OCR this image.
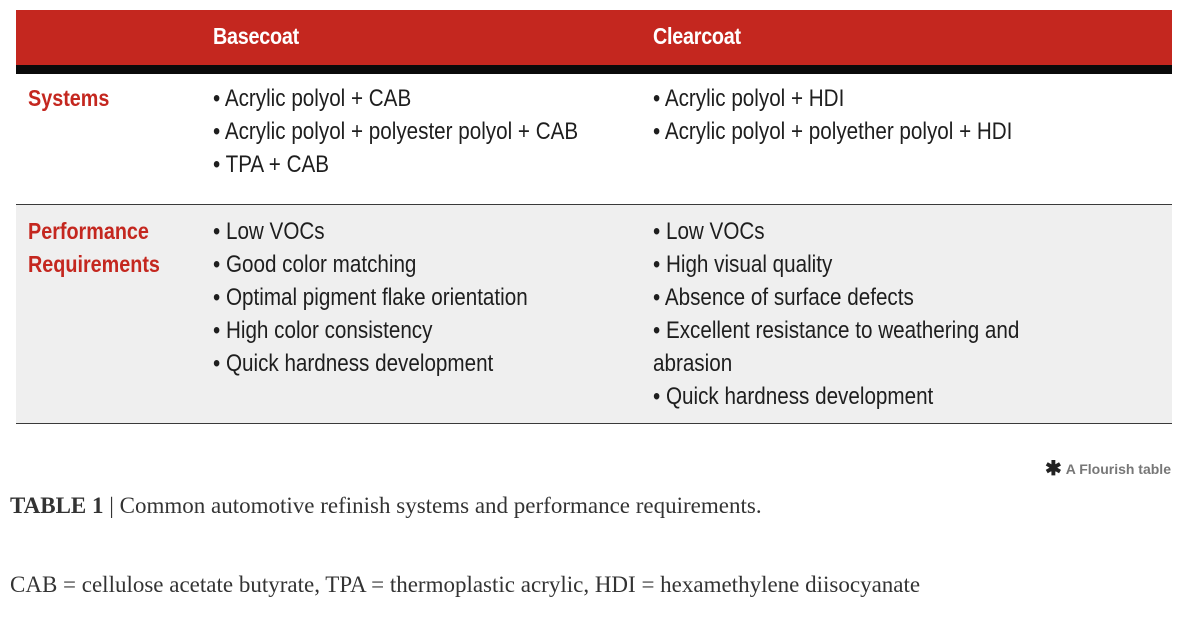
Basecoat	Clearcoat
Systems	• Acrylic polyol + CAB
• Acrylic polyol + polyester polyol + CAB
• TPA + CAB
• Acrylic polyol + HDI
• Acrylic polyol + polyether polyol + HDI
Performance
Requirements
• Low VOCs
• Good color matching
• Optimal pigment flake orientation
• High color consistency
• Quick hardness development
• Low VOCs
• High visual quality
• Absence of surface defects
• Excellent resistance to weathering and
abrasion
• Quick hardness development
✱ A Flourish table
TABLE 1 | Common automotive refinish systems and performance requirements.
CAB = cellulose acetate butyrate, TPA = thermoplastic acrylic, HDI = hexamethylene diisocyanate
